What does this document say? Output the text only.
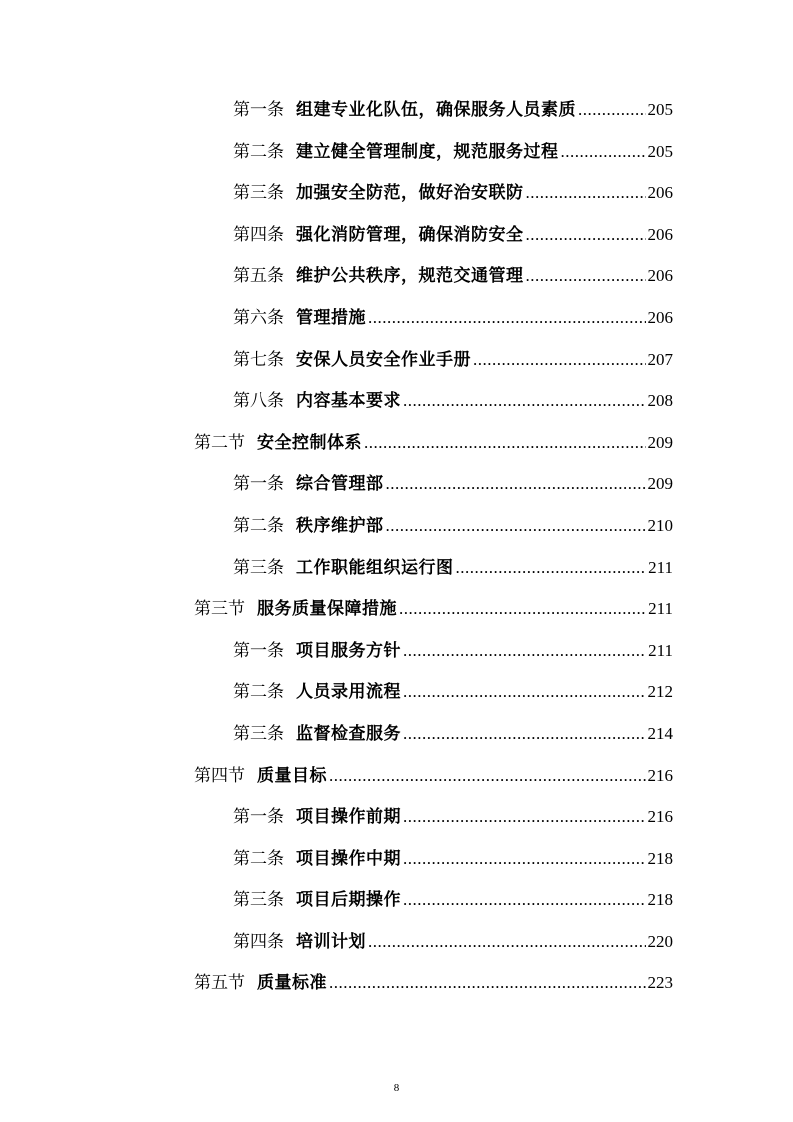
第一条 组建专业化队伍，确保服务人员素质 .....	205
第二条 建立健全管理制度，规范服务过程 .....	205
第三条 加强安全防范，做好治安联防 .....	206
第四条 强化消防管理，确保消防安全 .....	206
第五条 维护公共秩序，规范交通管理 .....	206
第六条 管理措施 .....	206
第七条 安保人员安全作业手册 .....	207
第八条 内容基本要求 .....	208
第二节 安全控制体系 .....	209
第一条 综合管理部 .....	209
第二条 秩序维护部 .....	210
第三条 工作职能组织运行图 .....	211
第三节 服务质量保障措施 .....	211
第一条 项目服务方针 .....	211
第二条 人员录用流程 .....	212
第三条 监督检查服务 .....	214
第四节 质量目标 .....	216
第一条 项目操作前期 .....	216
第二条 项目操作中期 .....	218
第三条 项目后期操作 .....	218
第四条 培训计划 .....	220
第五节 质量标准 .....	223
8
